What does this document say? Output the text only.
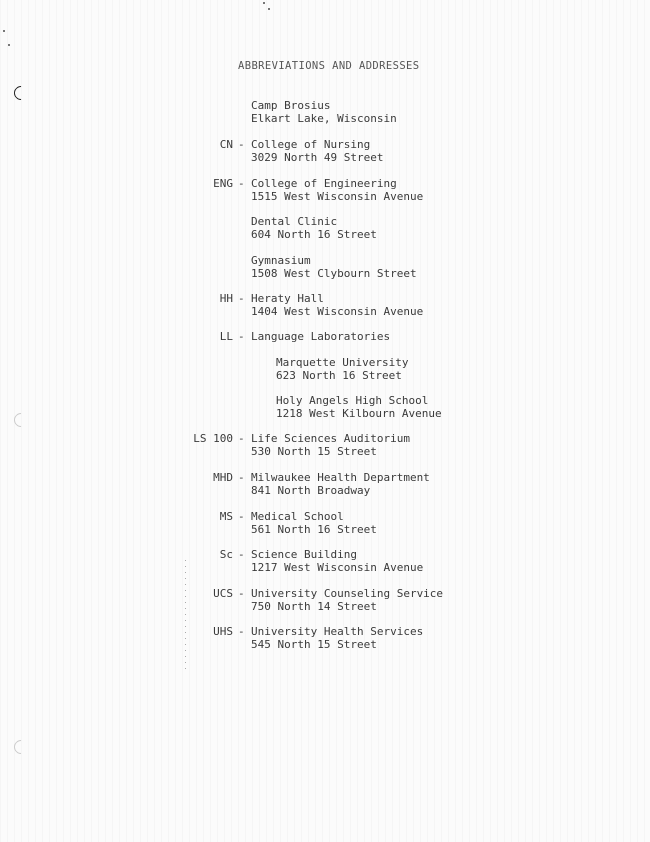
ABBREVIATIONS AND ADDRESSES
Camp Brosius
Elkart Lake, Wisconsin
CN - College of Nursing
3029 North 49 Street
ENG - College of Engineering
1515 West Wisconsin Avenue
Dental Clinic
604 North 16 Street
Gymnasium
1508 West Clybourn Street
HH - Heraty Hall
1404 West Wisconsin Avenue
LL - Language Laboratories
Marquette University
623 North 16 Street
Holy Angels High School
1218 West Kilbourn Avenue
LS 100 - Life Sciences Auditorium
530 North 15 Street
MHD - Milwaukee Health Department
841 North Broadway
MS - Medical School
561 North 16 Street
Sc - Science Building
1217 West Wisconsin Avenue
UCS - University Counseling Service
750 North 14 Street
UHS - University Health Services
545 North 15 Street
